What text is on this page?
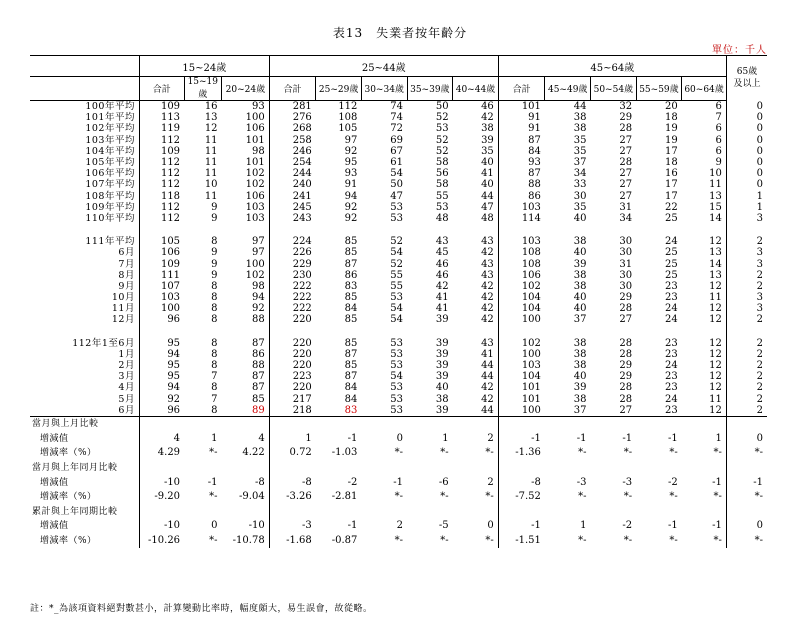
表13　失業者按年齡分
單位：千人
	15~24歲			25~44歲					45~64歲					65歲
及以上
	合計	15~19歲	20~24歲	合計	25~29歲	30~34歲	35~39歲	40~44歲	合計	45~49歲	50~54歲	55~59歲	60~64歲	
100年平均	109	16	93	281	112	74	50	46	101	44	32	20	6	0
101年平均	113	13	100	276	108	74	52	42	91	38	29	18	7	0
102年平均	119	12	106	268	105	72	53	38	91	38	28	19	6	0
103年平均	112	11	101	258	97	69	52	39	87	35	27	19	6	0
104年平均	109	11	98	246	92	67	52	35	84	35	27	17	6	0
105年平均	112	11	101	254	95	61	58	40	93	37	28	18	9	0
106年平均	112	11	102	244	93	54	56	41	87	34	27	16	10	0
107年平均	112	10	102	240	91	50	58	40	88	33	27	17	11	0
108年平均	118	11	106	241	94	47	55	44	86	30	27	17	13	1
109年平均	112	9	103	245	92	53	53	47	103	35	31	22	15	1
110年平均	112	9	103	243	92	53	48	48	114	40	34	25	14	3

111年平均	105	8	97	224	85	52	43	43	103	38	30	24	12	2
6月	106	9	97	226	85	54	45	42	108	40	30	25	13	3
7月	109	9	100	229	87	52	46	43	108	39	31	25	14	3
8月	111	9	102	230	86	55	46	43	106	38	30	25	13	2
9月	107	8	98	222	83	55	42	42	102	38	30	23	12	2
10月	103	8	94	222	85	53	41	42	104	40	29	23	11	3
11月	100	8	92	222	84	54	41	42	104	40	28	24	12	3
12月	96	8	88	220	85	54	39	42	100	37	27	24	12	2

112年1至6月	95	8	87	220	85	53	39	43	102	38	28	23	12	2
1月	94	8	86	220	87	53	39	41	100	38	28	23	12	2
2月	95	8	88	220	85	53	39	44	103	38	29	24	12	2
3月	95	7	87	223	87	54	39	44	104	40	29	23	12	2
4月	94	8	87	220	84	53	40	42	101	39	28	23	12	2
5月	92	7	85	217	84	53	38	42	101	38	28	24	11	2
6月	96	8	89	218	83	53	39	44	100	37	27	23	12	2
當月與上月比較														
增減值	4	1	4	1	-1	0	1	2	-1	-1	-1	-1	1	0
增減率（%）	4.29	*-	4.22	0.72	-1.03	*-	*-	*-	-1.36	*-	*-	*-	*-	*-
當月與上年同月比較														
增減值	-10	-1	-8	-8	-2	-1	-6	2	-8	-3	-3	-2	-1	-1
增減率（%）	-9.20	*-	-9.04	-3.26	-2.81	*-	*-	*-	-7.52	*-	*-	*-	*-	*-
累計與上年同期比較														
增減值	-10	0	-10	-3	-1	2	-5	0	-1	1	-2	-1	-1	0
增減率（%）	-10.26	*-	-10.78	-1.68	-0.87	*-	*-	*-	-1.51	*-	*-	*-	*-	*-
註：*_為該項資料絕對數甚小，計算變動比率時，幅度頗大，易生誤會，故從略。
